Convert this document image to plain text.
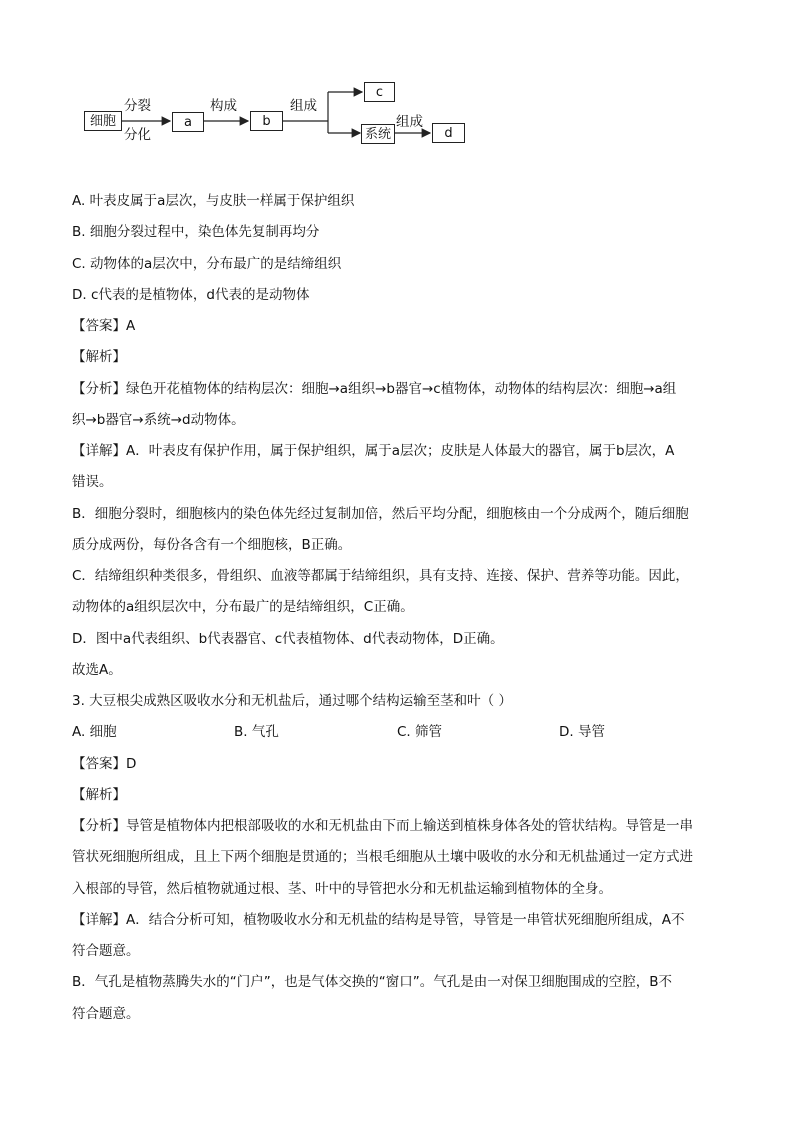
细胞
分裂
分化
a
构成
b
组成
c
系统
组成
d
A. 叶表皮属于a层次，与皮肤一样属于保护组织
B. 细胞分裂过程中，染色体先复制再均分
C. 动物体的a层次中，分布最广的是结缔组织
D. c代表的是植物体，d代表的是动物体
【答案】A
【解析】
【分析】绿色开花植物体的结构层次：细胞→a组织→b器官→c植物体，动物体的结构层次：细胞→a组
织→b器官→系统→d动物体。
【详解】A．叶表皮有保护作用，属于保护组织，属于a层次；皮肤是人体最大的器官，属于b层次，A
错误。
B．细胞分裂时，细胞核内的染色体先经过复制加倍，然后平均分配，细胞核由一个分成两个，随后细胞
质分成两份，每份各含有一个细胞核，B正确。
C．结缔组织种类很多，骨组织、血液等都属于结缔组织，具有支持、连接、保护、营养等功能。因此，
动物体的a组织层次中，分布最广的是结缔组织，C正确。
D．图中a代表组织、b代表器官、c代表植物体、d代表动物体，D正确。
故选A。
3. 大豆根尖成熟区吸收水分和无机盐后，通过哪个结构运输至茎和叶（ ）
A. 细胞	B. 气孔	C. 筛管	D. 导管
【答案】D
【解析】
【分析】导管是植物体内把根部吸收的水和无机盐由下而上输送到植株身体各处的管状结构。导管是一串
管状死细胞所组成，且上下两个细胞是贯通的；当根毛细胞从土壤中吸收的水分和无机盐通过一定方式进
入根部的导管，然后植物就通过根、茎、叶中的导管把水分和无机盐运输到植物体的全身。
【详解】A．结合分析可知，植物吸收水分和无机盐的结构是导管，导管是一串管状死细胞所组成，A不
符合题意。
B．气孔是植物蒸腾失水的“门户”，也是气体交换的“窗口”。气孔是由一对保卫细胞围成的空腔，B不
符合题意。
